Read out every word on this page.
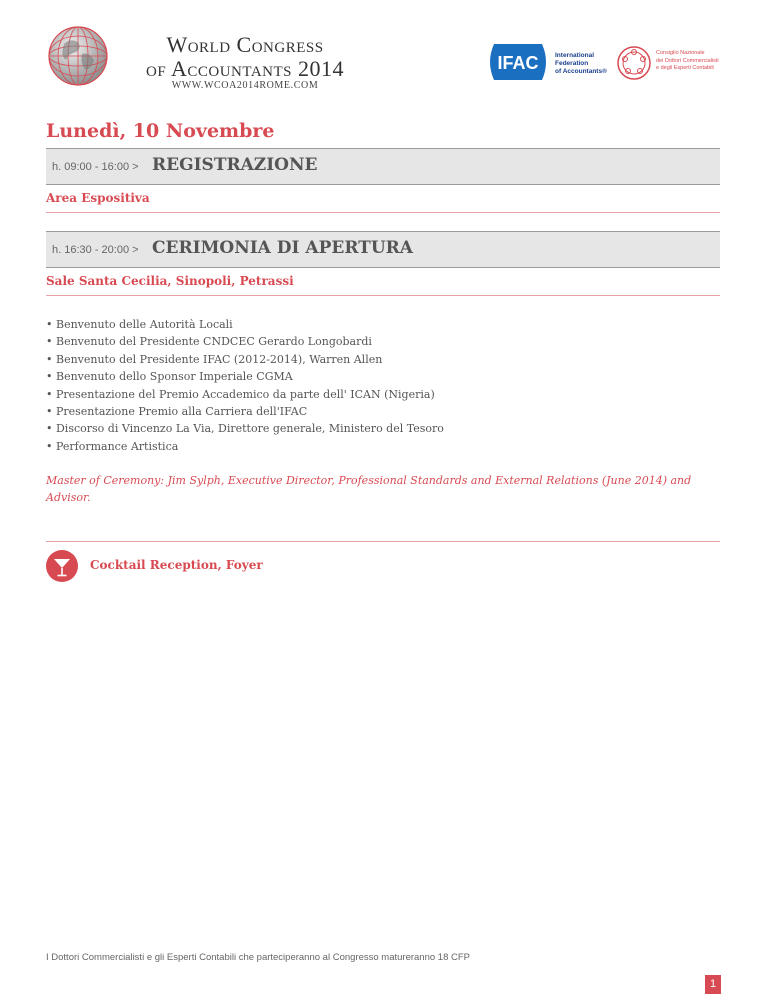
World Congress
of Accountants 2014
WWW.WCOA2014ROME.COM
IFAC	International
Federation
of Accountants®
Consiglio Nazionale
dei Dottori Commercialisti
e degli Esperti Contabili
Lunedì, 10 Novembre
h. 09:00 - 16:00 > REGISTRAZIONE
Area Espositiva
h. 16:30 - 20:00 > CERIMONIA DI APERTURA
Sale Santa Cecilia, Sinopoli, Petrassi
• Benvenuto delle Autorità Locali
• Benvenuto del Presidente CNDCEC Gerardo Longobardi
• Benvenuto del Presidente IFAC (2012-2014), Warren Allen
• Benvenuto dello Sponsor Imperiale CGMA
• Presentazione del Premio Accademico da parte dell' ICAN (Nigeria)
• Presentazione Premio alla Carriera dell'IFAC
• Discorso di Vincenzo La Via, Direttore generale, Ministero del Tesoro
• Performance Artistica
Master of Ceremony: Jim Sylph, Executive Director, Professional Standards and External Relations (June 2014) and Advisor.
Cocktail Reception, Foyer
I Dottori Commercialisti e gli Esperti Contabili che parteciperanno al Congresso matureranno 18 CFP
1
